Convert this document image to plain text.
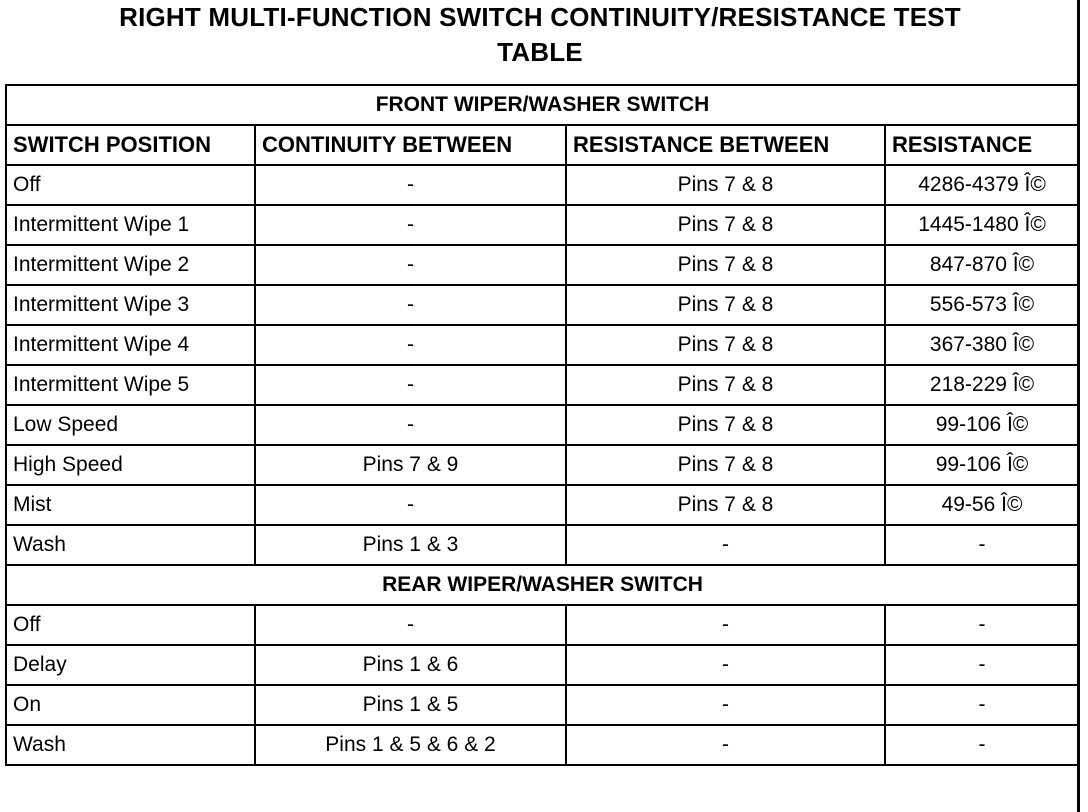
RIGHT MULTI-FUNCTION SWITCH CONTINUITY/RESISTANCE TEST
TABLE
FRONT WIPER/WASHER SWITCH			
SWITCH POSITION	CONTINUITY BETWEEN	RESISTANCE BETWEEN	RESISTANCE
Off	-	Pins 7 & 8	4286-4379 Î©
Intermittent Wipe 1	-	Pins 7 & 8	1445-1480 Î©
Intermittent Wipe 2	-	Pins 7 & 8	847-870 Î©
Intermittent Wipe 3	-	Pins 7 & 8	556-573 Î©
Intermittent Wipe 4	-	Pins 7 & 8	367-380 Î©
Intermittent Wipe 5	-	Pins 7 & 8	218-229 Î©
Low Speed	-	Pins 7 & 8	99-106 Î©
High Speed	Pins 7 & 9	Pins 7 & 8	99-106 Î©
Mist	-	Pins 7 & 8	49-56 Î©
Wash	Pins 1 & 3	-	-
REAR WIPER/WASHER SWITCH			
Off	-	-	-
Delay	Pins 1 & 6	-	-
On	Pins 1 & 5	-	-
Wash	Pins 1 & 5 & 6 & 2	-	-
